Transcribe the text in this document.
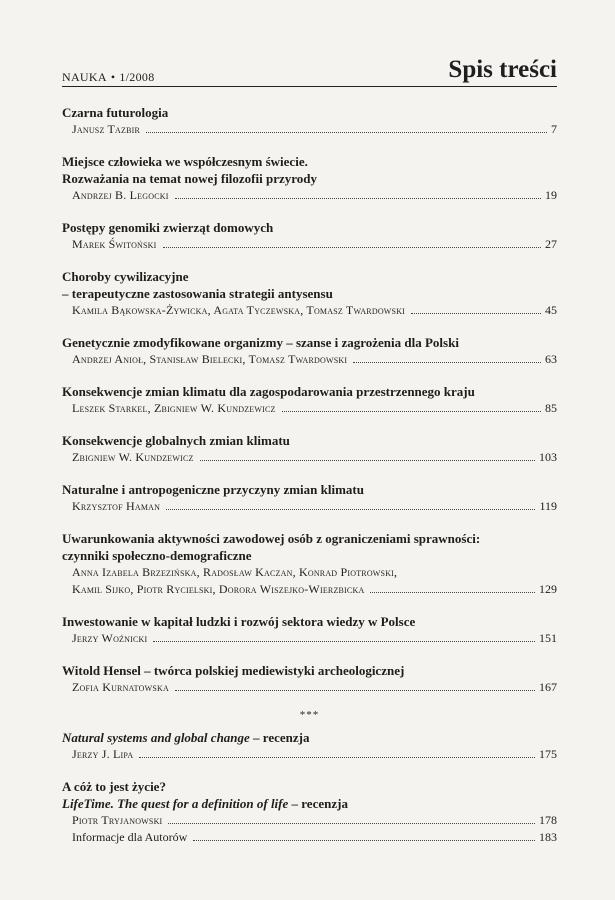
NAUKA • 1/2008	Spis treści
Czarna futurologia
Janusz Tazbir	7
Miejsce człowieka we współczesnym świecie.
Rozważania na temat nowej filozofii przyrody
Andrzej B. Legocki	19
Postępy genomiki zwierząt domowych
Marek Świtoński	27
Choroby cywilizacyjne
– terapeutyczne zastosowania strategii antysensu
Kamila Bąkowska-Żywicka, Agata Tyczewska, Tomasz Twardowski	45
Genetycznie zmodyfikowane organizmy – szanse i zagrożenia dla Polski
Andrzej Anioł, Stanisław Bielecki, Tomasz Twardowski	63
Konsekwencje zmian klimatu dla zagospodarowania przestrzennego kraju
Leszek Starkel, Zbigniew W. Kundzewicz	85
Konsekwencje globalnych zmian klimatu
Zbigniew W. Kundzewicz	103
Naturalne i antropogeniczne przyczyny zmian klimatu
Krzysztof Haman	119
Uwarunkowania aktywności zawodowej osób z ograniczeniami sprawności:
czynniki społeczno-demograficzne
Anna Izabela Brzezińska, Radosław Kaczan, Konrad Piotrowski,
Kamil Sijko, Piotr Rycielski, Dorora Wiszejko-Wierzbicka	129
Inwestowanie w kapitał ludzki i rozwój sektora wiedzy w Polsce
Jerzy Woźnicki	151
Witold Hensel – twórca polskiej mediewistyki archeologicznej
Zofia Kurnatowska	167
***
Natural systems and global change – recenzja
Jerzy J. Lipa	175
A cóż to jest życie?
LifeTime. The quest for a definition of life – recenzja
Piotr Tryjanowski	178
Informacje dla Autorów	183
